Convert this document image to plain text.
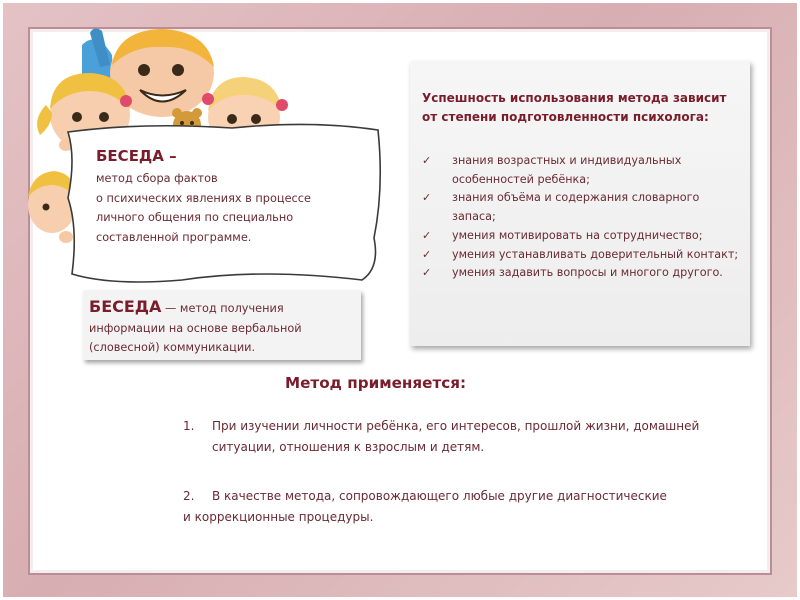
БЕСЕДА –

метод сбора фактов
о психических явлениях в процессе
личного общения по специально
составленной программе.
БЕСЕДА — метод получения информации на основе вербальной (словесной) коммуникации.

Успешность использования метода зависит от степени подготовленности психолога:

✓ знания возрастных и индивидуальных особенностей ребёнка;
✓ знания объёма и содержания словарного запаса;
✓ умения мотивировать на сотрудничество;
✓ умения устанавливать доверительный контакт;
✓ умения задавить вопросы и многого другого.

Метод применяется:

1. При изучении личности ребёнка, его интересов, прошлой жизни, домашней
ситуации, отношения к взрослым и детям.
2. В качестве метода, сопровождающего любые другие диагностические
и коррекционные процедуры.
